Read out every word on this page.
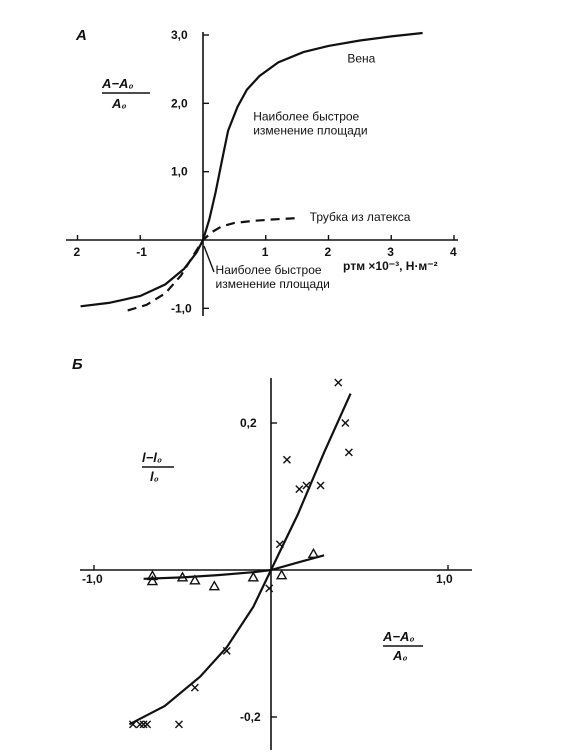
А
A−A₀
A₀
pтм ×10⁻³, Н·м⁻²
2	-1	1	2	3	4
-1,0
1,0
2,0
3,0
Вена
Наиболее быстрое изменение площади
Трубка из латекса
Наиболее быстрое изменение площади
Б
l−l₀
l₀
A−A₀
A₀
-1,0	1,0
-0,2
0,2
